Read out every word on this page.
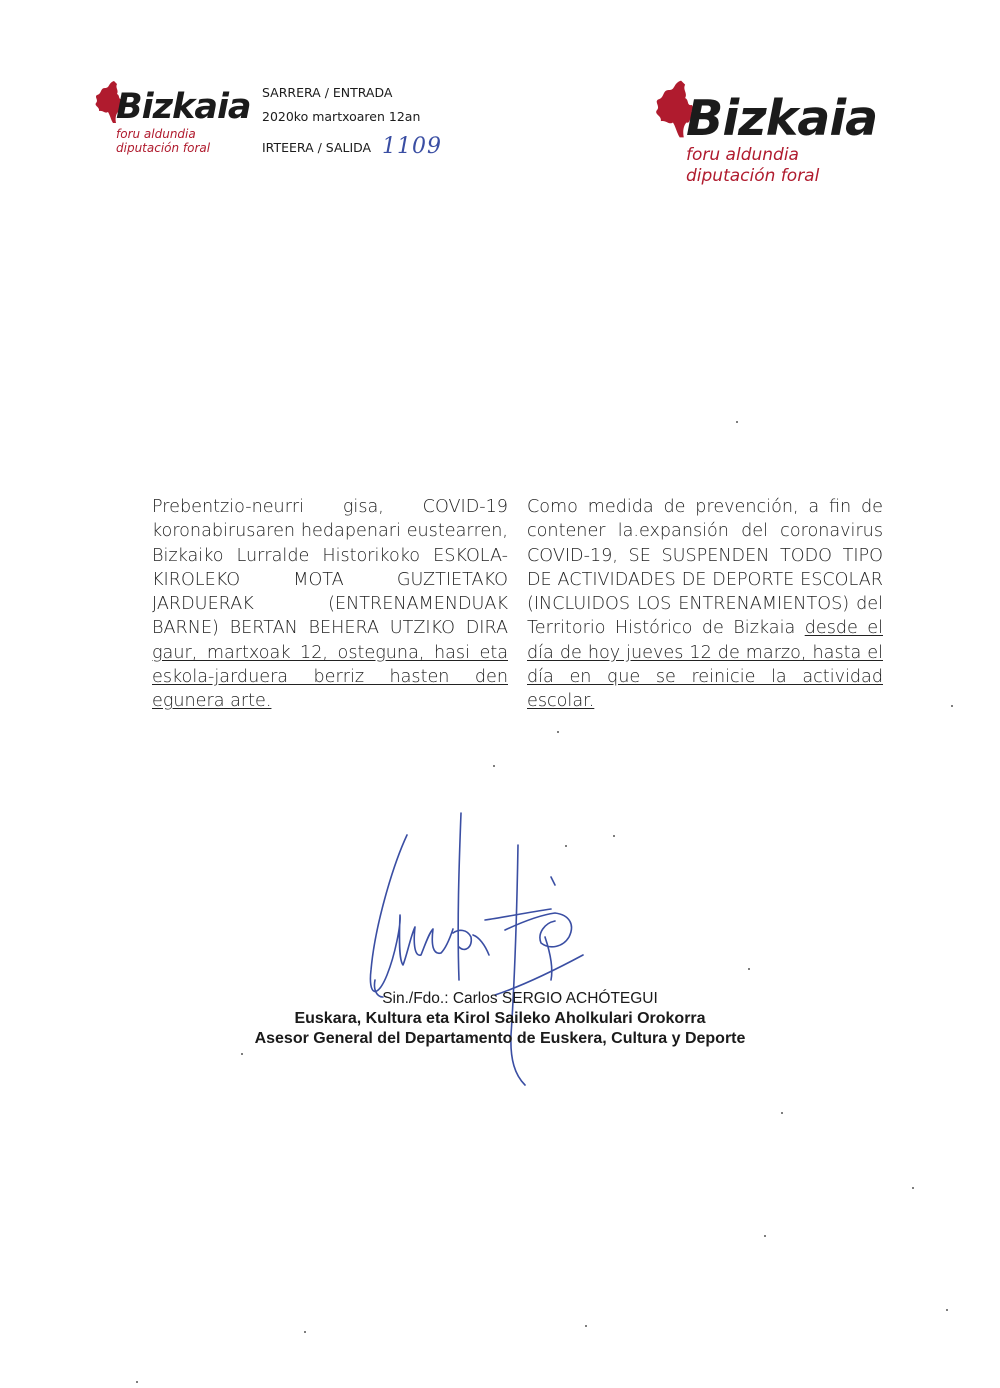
Bizkaia
foru aldundia
diputación foral
SARRERA / ENTRADA
2020ko martxoaren 12an
IRTEERA / SALIDA 1109	Bizkaia
foru aldundia
diputación foral
Prebentzio-neurri gisa, COVID-19 koronabirusaren hedapenari eustearren, Bizkaiko Lurralde Historikoko ESKOLA-KIROLEKO MOTA GUZTIETAKO JARDUERAK (ENTRENAMENDUAK BARNE) BERTAN BEHERA UTZIKO DIRA gaur, martxoak 12, osteguna, hasi eta eskola-jarduera berriz hasten den egunera arte.
Como medida de prevención, a fin de contener la.expansión del coronavirus COVID-19, SE SUSPENDEN TODO TIPO DE ACTIVIDADES DE DEPORTE ESCOLAR (INCLUIDOS LOS ENTRENAMIENTOS) del Territorio Histórico de Bizkaia desde el día de hoy jueves 12 de marzo, hasta el día en que se reinicie la actividad escolar.
Sin./Fdo.: Carlos SERGIO ACHÓTEGUI
Euskara, Kultura eta Kirol Saileko Aholkulari Orokorra
Asesor General del Departamento de Euskera, Cultura y Deporte
